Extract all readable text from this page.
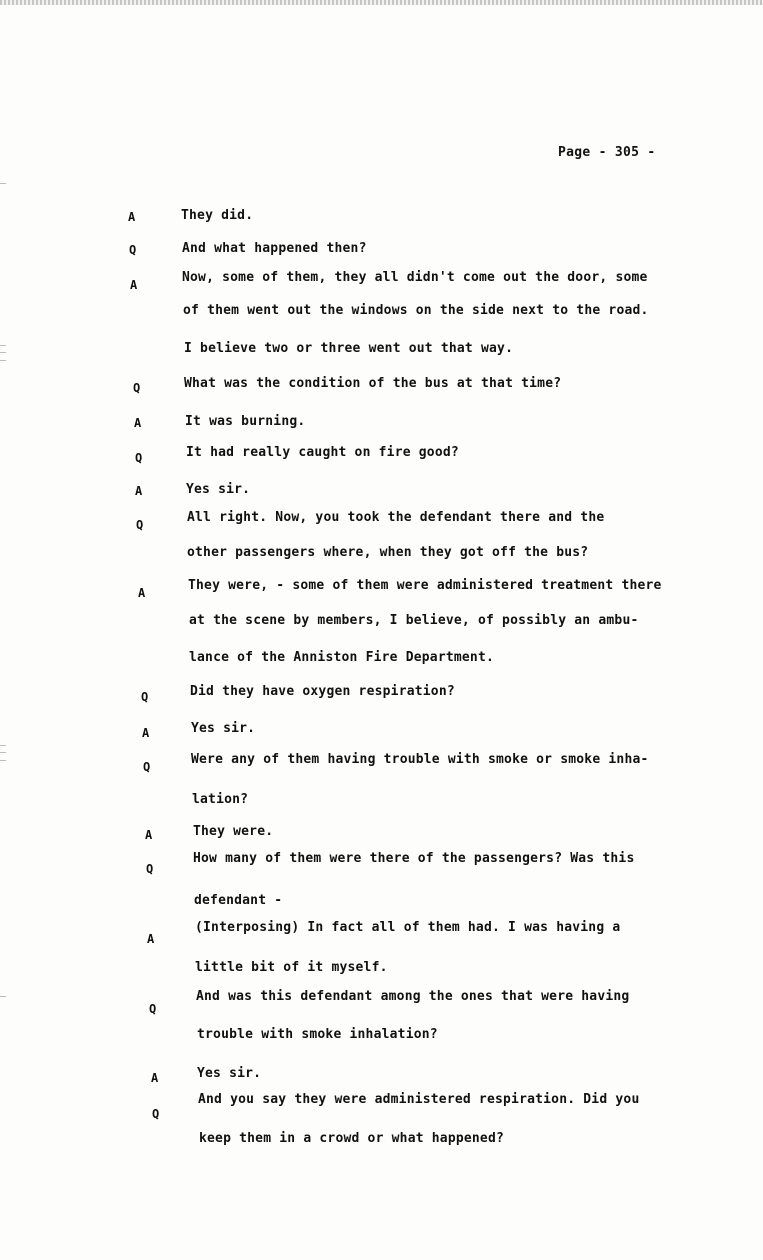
Page - 305 -
A	They did.
Q	And what happened then?
A	Now, some of them, they all didn't come out the door, some
of them went out the windows on the side next to the road.
I believe two or three went out that way.
Q	What was the condition of the bus at that time?
A	It was burning.
Q	It had really caught on fire good?
A	Yes sir.
Q	All right. Now, you took the defendant there and the
other passengers where, when they got off the bus?
A	They were, - some of them were administered treatment there
at the scene by members, I believe, of possibly an ambu-
lance of the Anniston Fire Department.
Q	Did they have oxygen respiration?
A	Yes sir.
Q	Were any of them having trouble with smoke or smoke inha-
lation?
A	They were.
Q
How many of them were there of the passengers? Was this
defendant -
A
(Interposing) In fact all of them had. I was having a
little bit of it myself.
Q
And was this defendant among the ones that were having
trouble with smoke inhalation?
A	Yes sir.
Q
And you say they were administered respiration. Did you
keep them in a crowd or what happened?
